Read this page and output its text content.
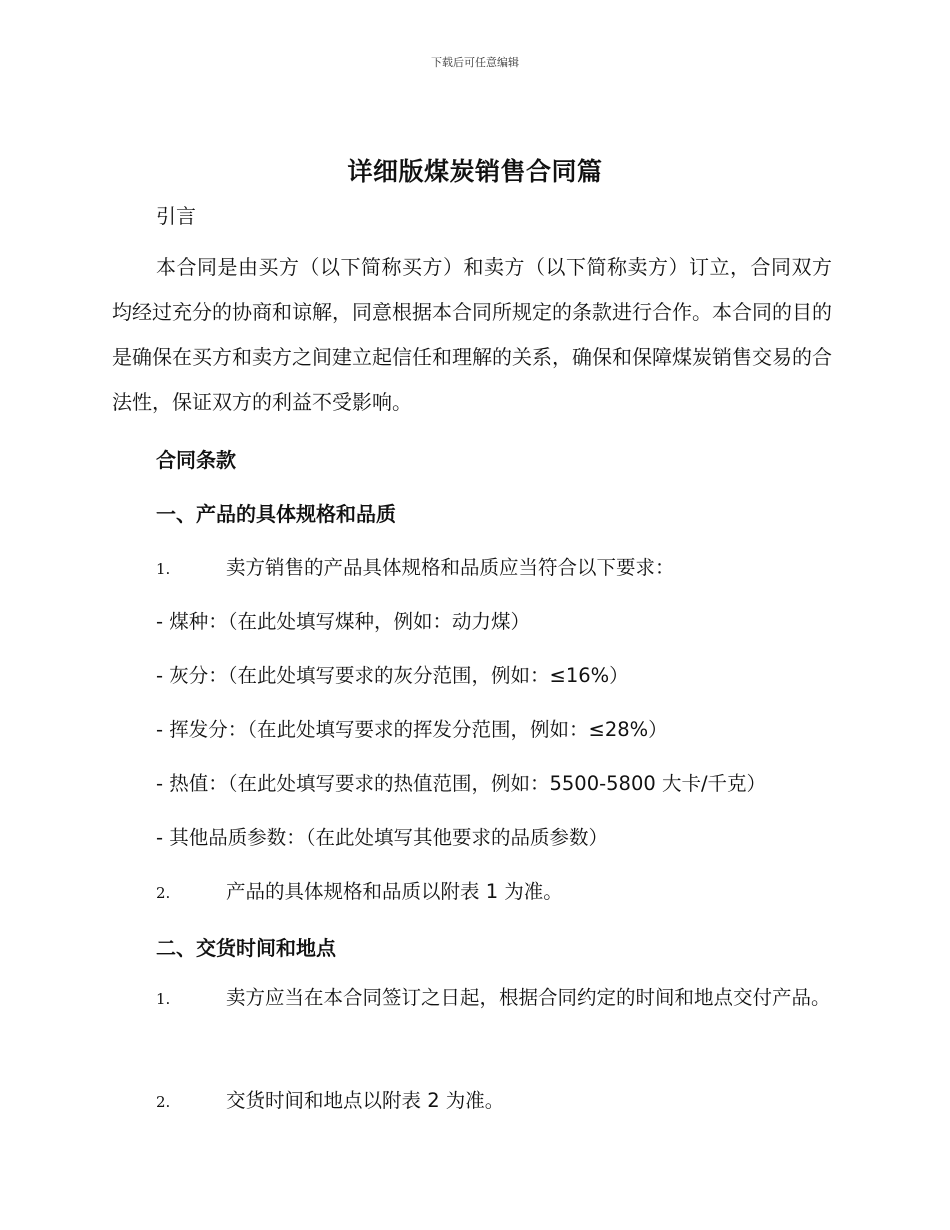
下载后可任意编辑
详细版煤炭销售合同篇
引言
本合同是由买方（以下简称买方）和卖方（以下简称卖方）订立，合同双方均经过充分的协商和谅解，同意根据本合同所规定的条款进行合作。本合同的目的是确保在买方和卖方之间建立起信任和理解的关系，确保和保障煤炭销售交易的合法性，保证双方的利益不受影响。
合同条款
一、产品的具体规格和品质
1.	卖方销售的产品具体规格和品质应当符合以下要求：
- 煤种：（在此处填写煤种，例如：动力煤）
- 灰分：（在此处填写要求的灰分范围，例如：≤16%）
- 挥发分：（在此处填写要求的挥发分范围，例如：≤28%）
- 热值：（在此处填写要求的热值范围，例如：5500-5800 大卡/千克）
- 其他品质参数：（在此处填写其他要求的品质参数）
2.	产品的具体规格和品质以附表 1 为准。
二、交货时间和地点
1.	卖方应当在本合同签订之日起，根据合同约定的时间和地点交付产品。
2.	交货时间和地点以附表 2 为准。
